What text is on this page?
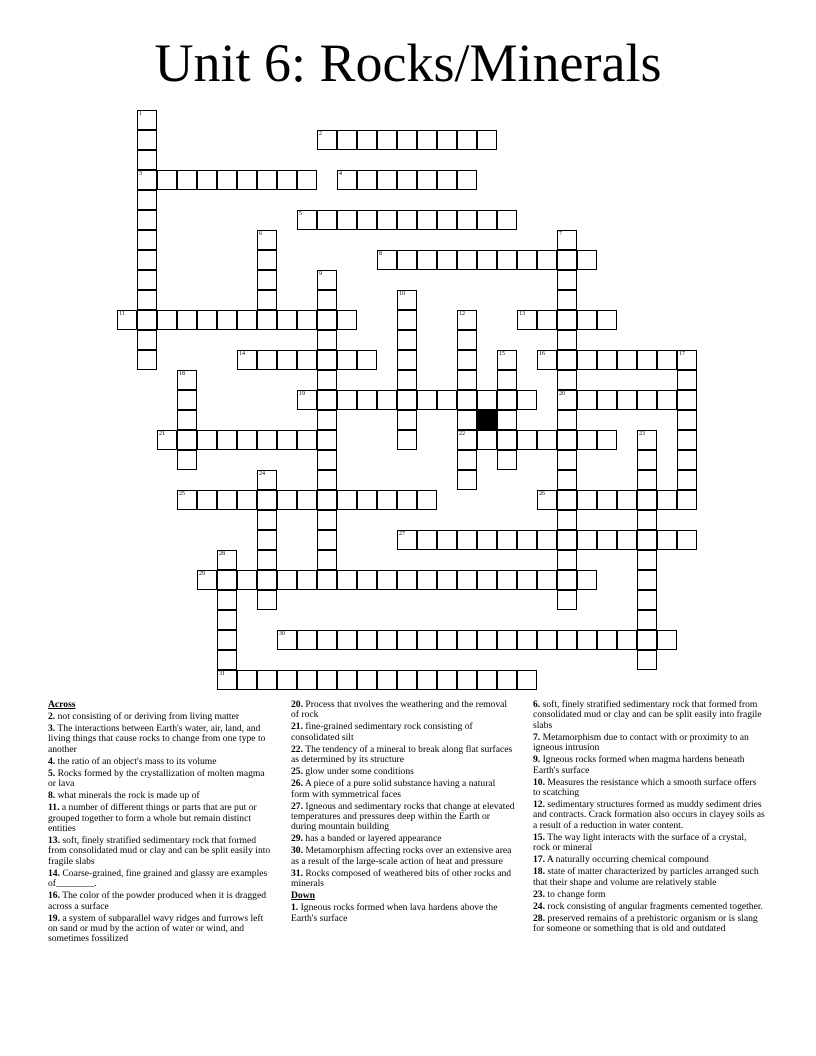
Unit 6: Rocks/Minerals
1
3
2
4
5
6	7
20
8
9
10
11	12
22
13
14	15	16	17
18
19
21	23
24
25	26
27
28
29
30
31
Across
2. not consisting of or deriving from living matter
3. The interactions between Earth's water, air, land, and living things that cause rocks to change from one type to another
4. the ratio of an object's mass to its volume
5. Rocks formed by the crystallization of molten magma or lava
8. what minerals the rock is made up of
11. a number of different things or parts that are put or grouped together to form a whole but remain distinct entities
13. soft, finely stratified sedimentary rock that formed from consolidated mud or clay and can be split easily into fragile slabs
14. Coarse-grained, fine grained and glassy are examples of________.
16. The color of the powder produced when it is dragged across a surface
19. a system of subparallel wavy ridges and furrows left on sand or mud by the action of water or wind, and sometimes fossilized
20. Process that nvolves the weathering and the removal of rock
21. fine-grained sedimentary rock consisting of consolidated silt
22. The tendency of a mineral to break along flat surfaces as determined by its structure
25. glow under some conditions
26. A piece of a pure solid substance having a natural form with symmetrical faces
27. Igneous and sedimentary rocks that change at elevated temperatures and pressures deep within the Earth or during mountain building
29. has a banded or layered appearance
30. Metamorphism affecting rocks over an extensive area as a result of the large-scale action of heat and pressure
31. Rocks composed of weathered bits of other rocks and minerals
Down
1. Igneous rocks formed when lava hardens above the Earth's surface
6. soft, finely stratified sedimentary rock that formed from consolidated mud or clay and can be split easily into fragile slabs
7. Metamorphism due to contact with or proximity to an igneous intrusion
9. Igneous rocks formed when magma hardens beneath Earth's surface
10. Measures the resistance which a smooth surface offers to scatching
12. sedimentary structures formed as muddy sediment dries and contracts. Crack formation also occurs in clayey soils as a result of a reduction in water content.
15. The way light interacts with the surface of a crystal, rock or mineral
17. A naturally occurring chemical compound
18. state of matter characterized by particles arranged such that their shape and volume are relatively stable
23. to change form
24. rock consisting of angular fragments cemented together.
28. preserved remains of a prehistoric organism or is slang for someone or something that is old and outdated
